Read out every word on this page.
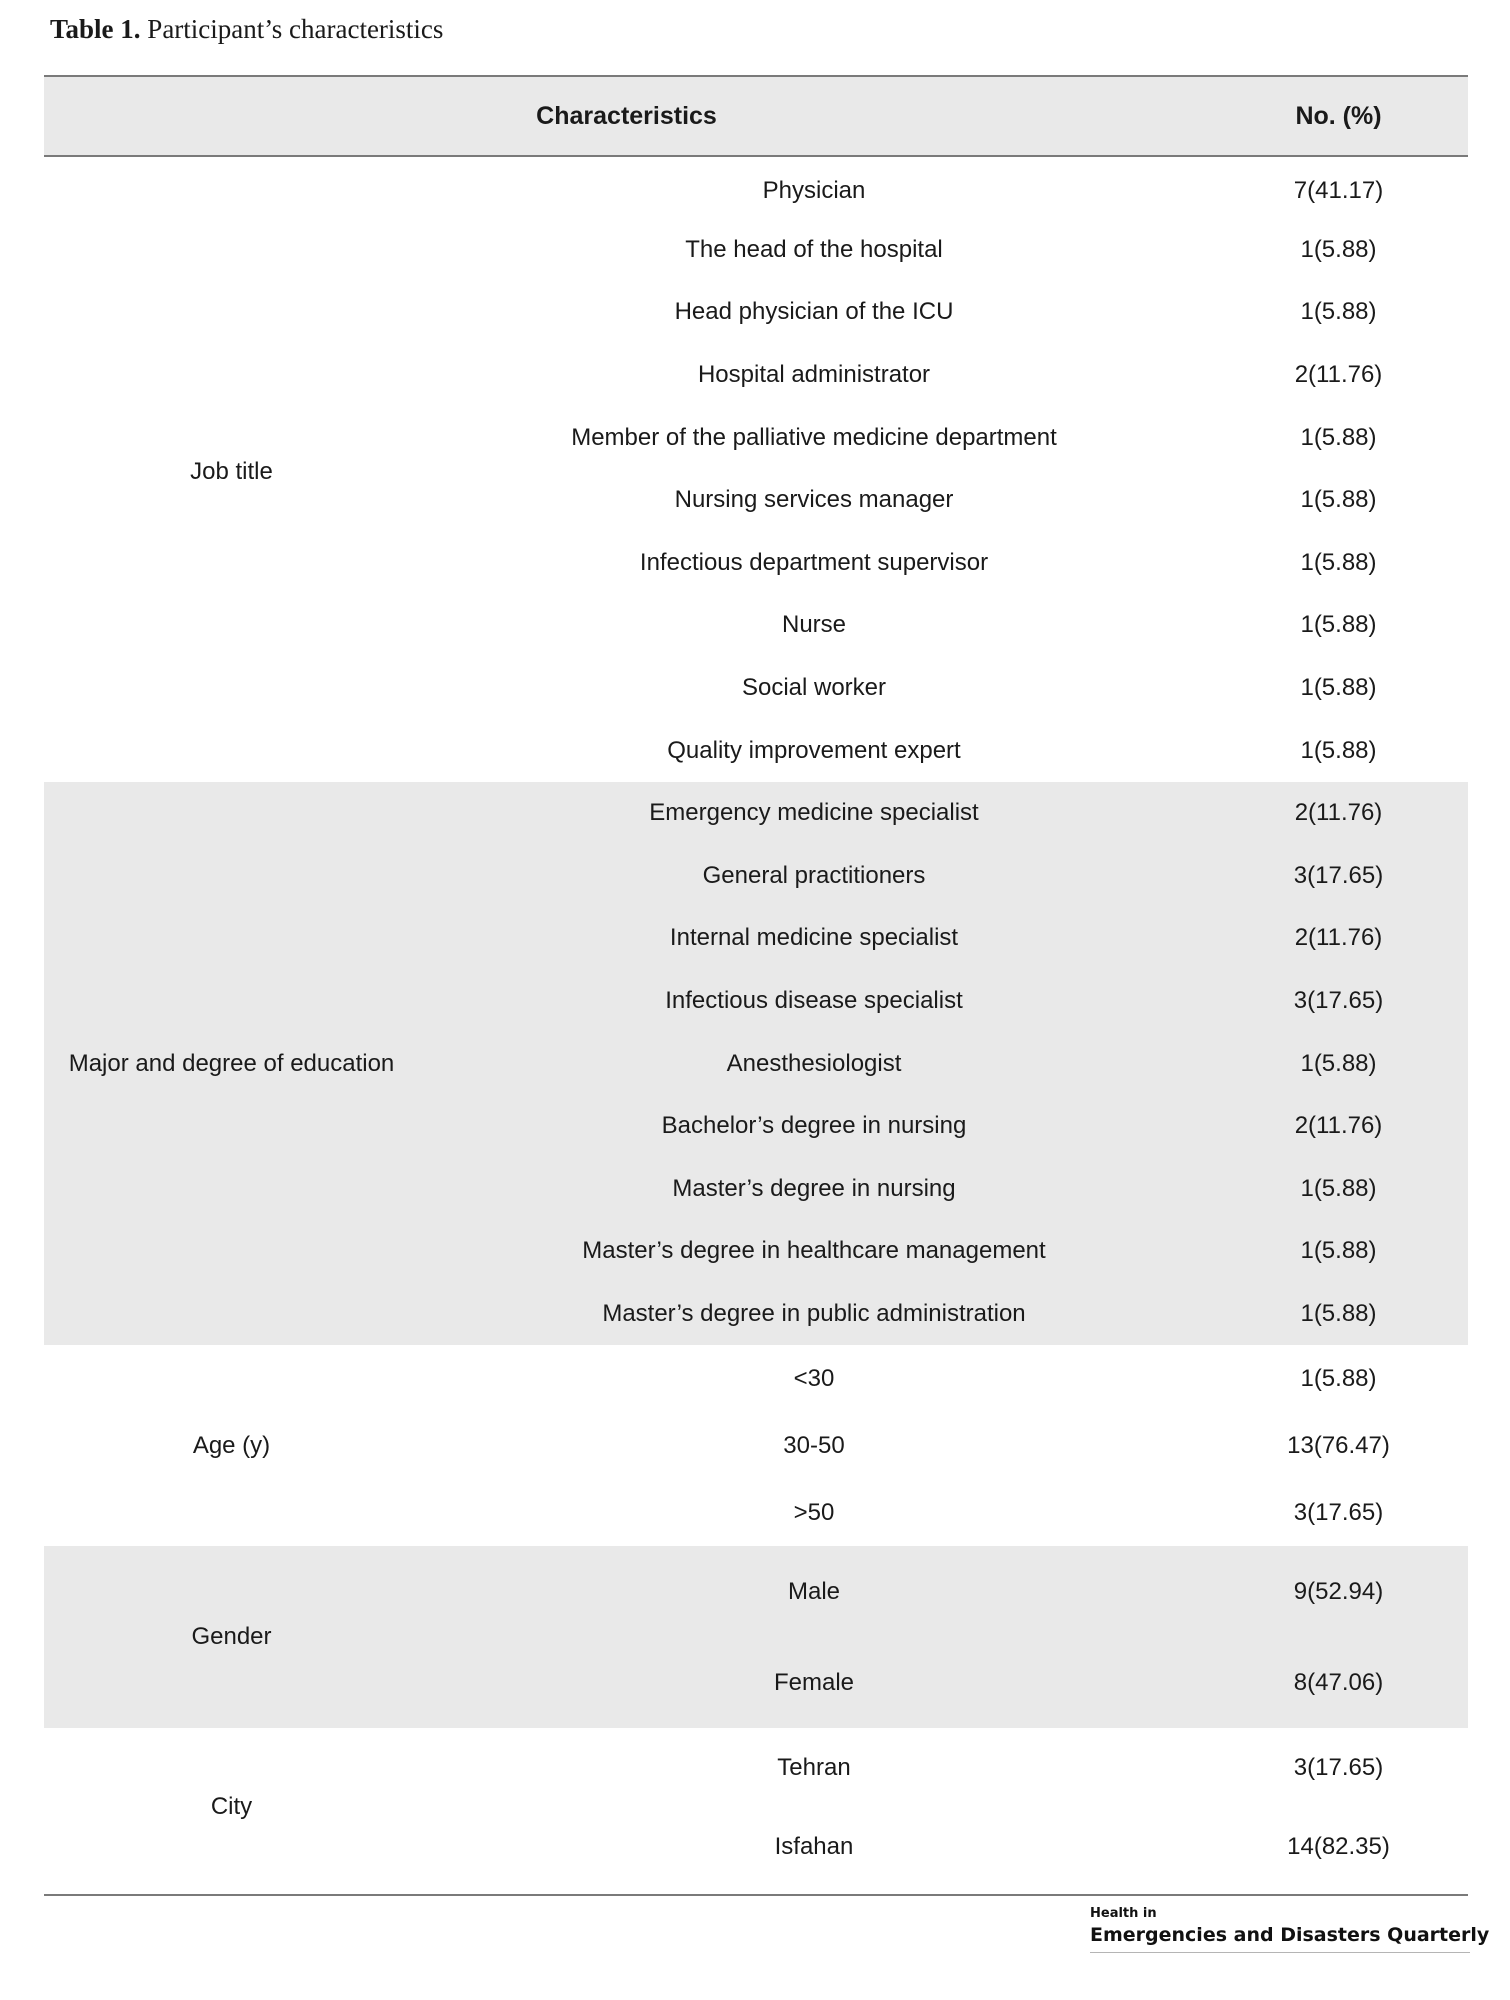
Table 1. Participant’s characteristics
Characteristics		No. (%)
Job title	Physician	7(41.17)
	The head of the hospital	1(5.88)
	Head physician of the ICU	1(5.88)
	Hospital administrator	2(11.76)
	Member of the palliative medicine department	1(5.88)
	Nursing services manager	1(5.88)
	Infectious department supervisor	1(5.88)
	Nurse	1(5.88)
	Social worker	1(5.88)
	Quality improvement expert	1(5.88)
Major and degree of education	Emergency medicine specialist	2(11.76)
	General practitioners	3(17.65)
	Internal medicine specialist	2(11.76)
	Infectious disease specialist	3(17.65)
	Anesthesiologist	1(5.88)
	Bachelor’s degree in nursing	2(11.76)
	Master’s degree in nursing	1(5.88)
	Master’s degree in healthcare management	1(5.88)
	Master’s degree in public administration	1(5.88)
Age (y)	<30	1(5.88)
	30-50	13(76.47)
	>50	3(17.65)
Gender	Male	9(52.94)
	Female	8(47.06)
City	Tehran	3(17.65)
	Isfahan	14(82.35)
Health in
Emergencies and Disasters Quarterly
